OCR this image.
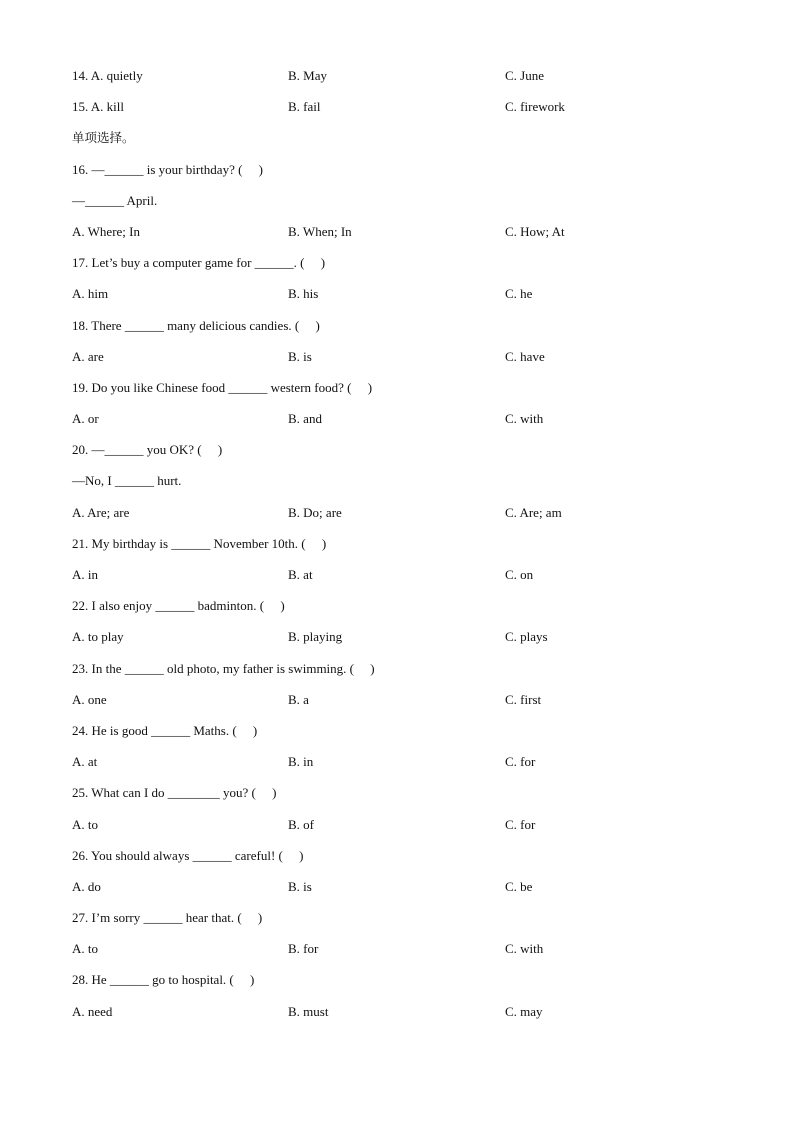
14. A. quietly	B. May	C. June
15. A. kill	B. fail	C. firework
单项选择。
16. —______ is your birthday? (     )
—______ April.
A. Where; In	B. When; In	C. How; At
17. Let’s buy a computer game for ______. (     )
A. him	B. his	C. he
18. There ______ many delicious candies. (     )
A. are	B. is	C. have
19. Do you like Chinese food ______ western food? (     )
A. or	B. and	C. with
20. —______ you OK? (     )
—No, I ______ hurt.
A. Are; are	B. Do; are	C. Are; am
21. My birthday is ______ November 10th. (     )
A. in	B. at	C. on
22. I also enjoy ______ badminton. (     )
A. to play	B. playing	C. plays
23. In the ______ old photo, my father is swimming. (     )
A. one	B. a	C. first
24. He is good ______ Maths. (     )
A. at	B. in	C. for
25. What can I do ________ you? (     )
A. to	B. of	C. for
26. You should always ______ careful! (     )
A. do	B. is	C. be
27. I’m sorry ______ hear that. (     )
A. to	B. for	C. with
28. He ______ go to hospital. (     )
A. need	B. must	C. may
